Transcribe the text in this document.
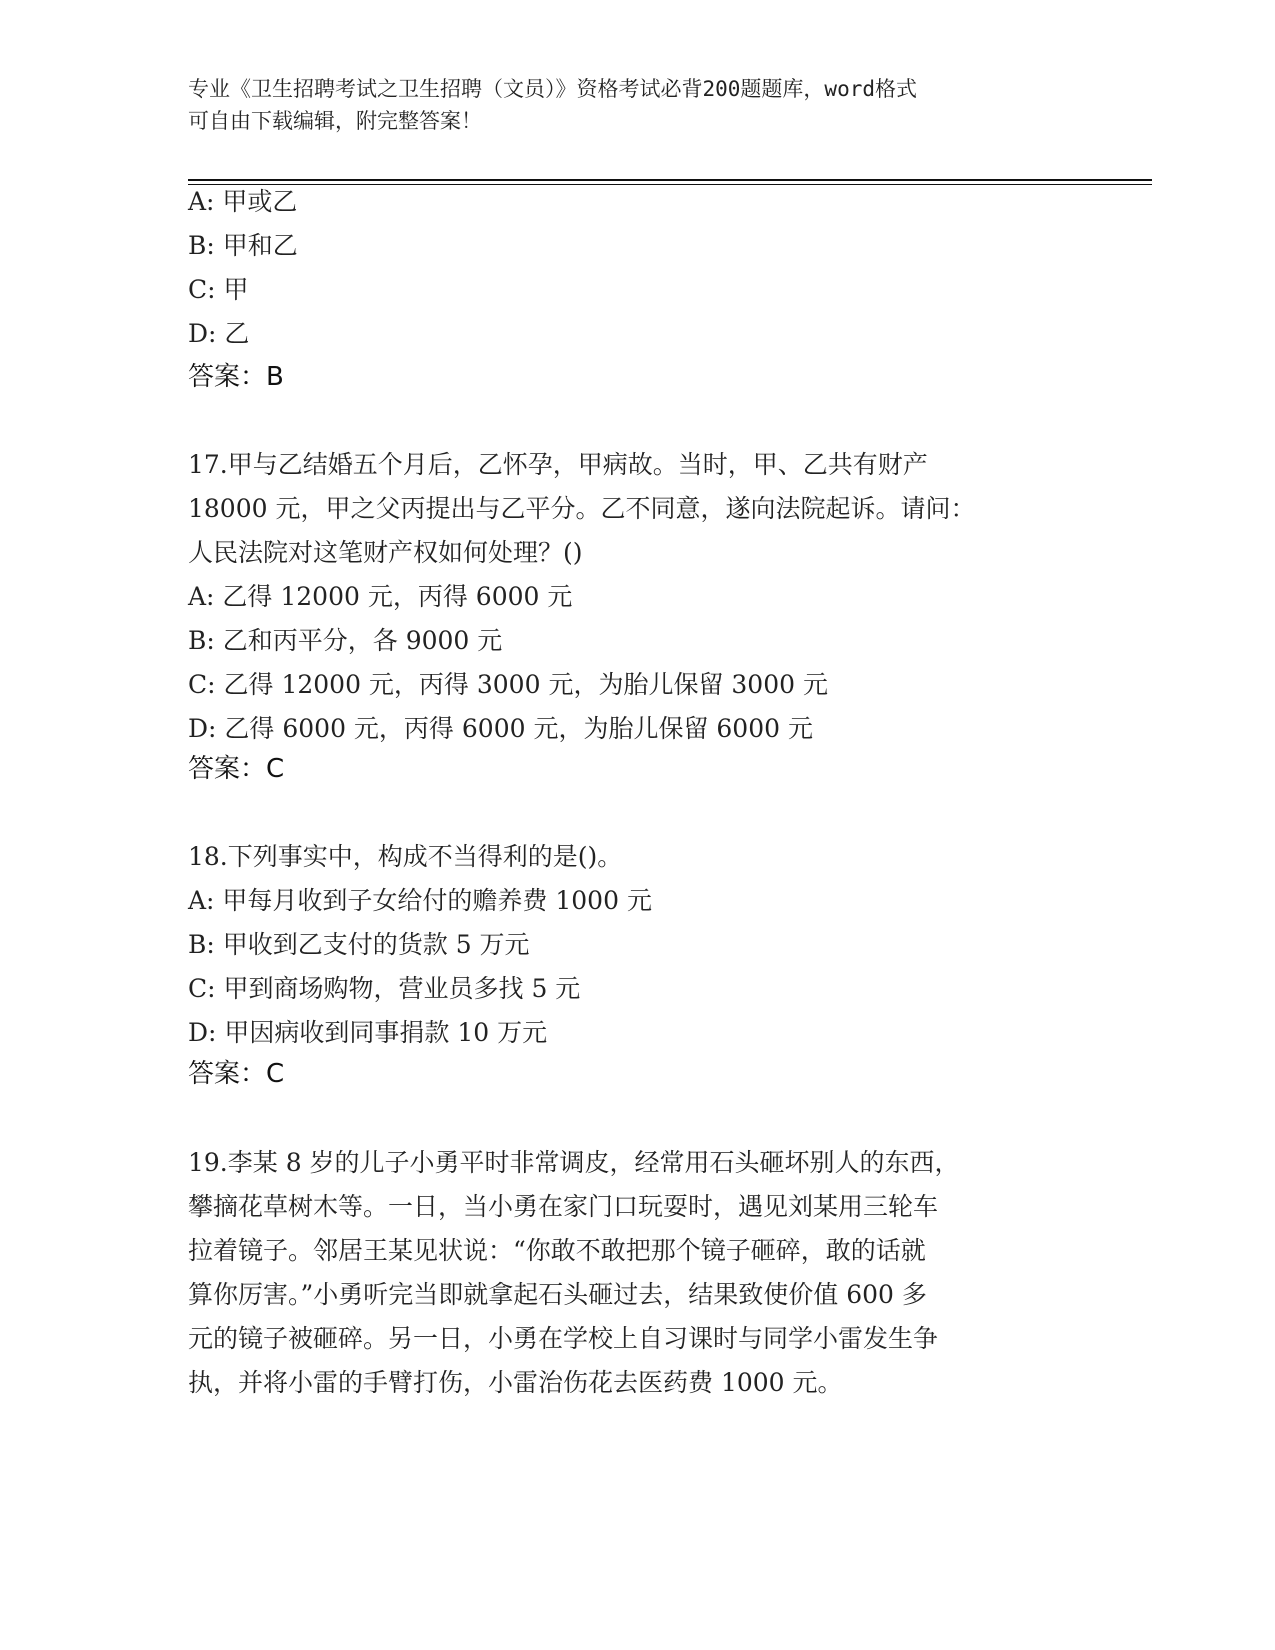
专业《卫生招聘考试之卫生招聘（文员）》资格考试必背200题题库，word格式
可自由下载编辑，附完整答案！
A: 甲或乙
B: 甲和乙
C: 甲
D: 乙
答案：B
17.甲与乙结婚五个月后，乙怀孕，甲病故。当时，甲、乙共有财产
18000 元，甲之父丙提出与乙平分。乙不同意，遂向法院起诉。请问：
人民法院对这笔财产权如何处理？()
A: 乙得 12000 元，丙得 6000 元
B: 乙和丙平分，各 9000 元
C: 乙得 12000 元，丙得 3000 元，为胎儿保留 3000 元
D: 乙得 6000 元，丙得 6000 元，为胎儿保留 6000 元
答案：C
18.下列事实中，构成不当得利的是()。
A: 甲每月收到子女给付的赡养费 1000 元
B: 甲收到乙支付的货款 5 万元
C: 甲到商场购物，营业员多找 5 元
D: 甲因病收到同事捐款 10 万元
答案：C
19.李某 8 岁的儿子小勇平时非常调皮，经常用石头砸坏别人的东西，
攀摘花草树木等。一日，当小勇在家门口玩耍时，遇见刘某用三轮车
拉着镜子。邻居王某见状说：“你敢不敢把那个镜子砸碎，敢的话就
算你厉害。”小勇听完当即就拿起石头砸过去，结果致使价值 600 多
元的镜子被砸碎。另一日，小勇在学校上自习课时与同学小雷发生争
执，并将小雷的手臂打伤，小雷治伤花去医药费 1000 元。
